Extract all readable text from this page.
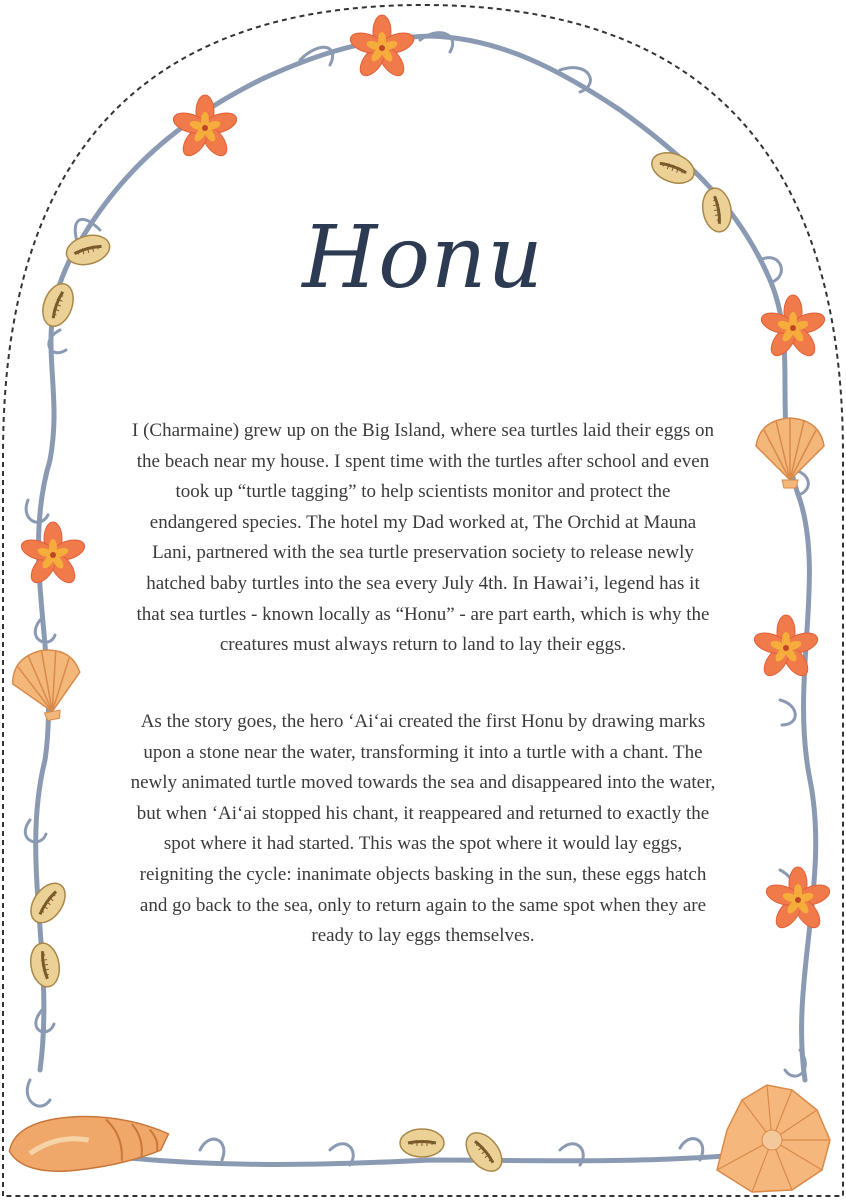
Honu
I (Charmaine) grew up on the Big Island, where sea turtles laid their eggs on the beach near my house. I spent time with the turtles after school and even took up “turtle tagging” to help scientists monitor and protect the endangered species. The hotel my Dad worked at, The Orchid at Mauna Lani, partnered with the sea turtle preservation society to release newly hatched baby turtles into the sea every July 4th. In Hawai’i, legend has it that sea turtles - known locally as “Honu” - are part earth, which is why the creatures must always return to land to lay their eggs.
As the story goes, the hero ‘Ai‘ai created the first Honu by drawing marks upon a stone near the water, transforming it into a turtle with a chant. The newly animated turtle moved towards the sea and disappeared into the water, but when ‘Ai‘ai stopped his chant, it reappeared and returned to exactly the spot where it had started. This was the spot where it would lay eggs, reigniting the cycle: inanimate objects basking in the sun, these eggs hatch and go back to the sea, only to return again to the same spot when they are ready to lay eggs themselves.
